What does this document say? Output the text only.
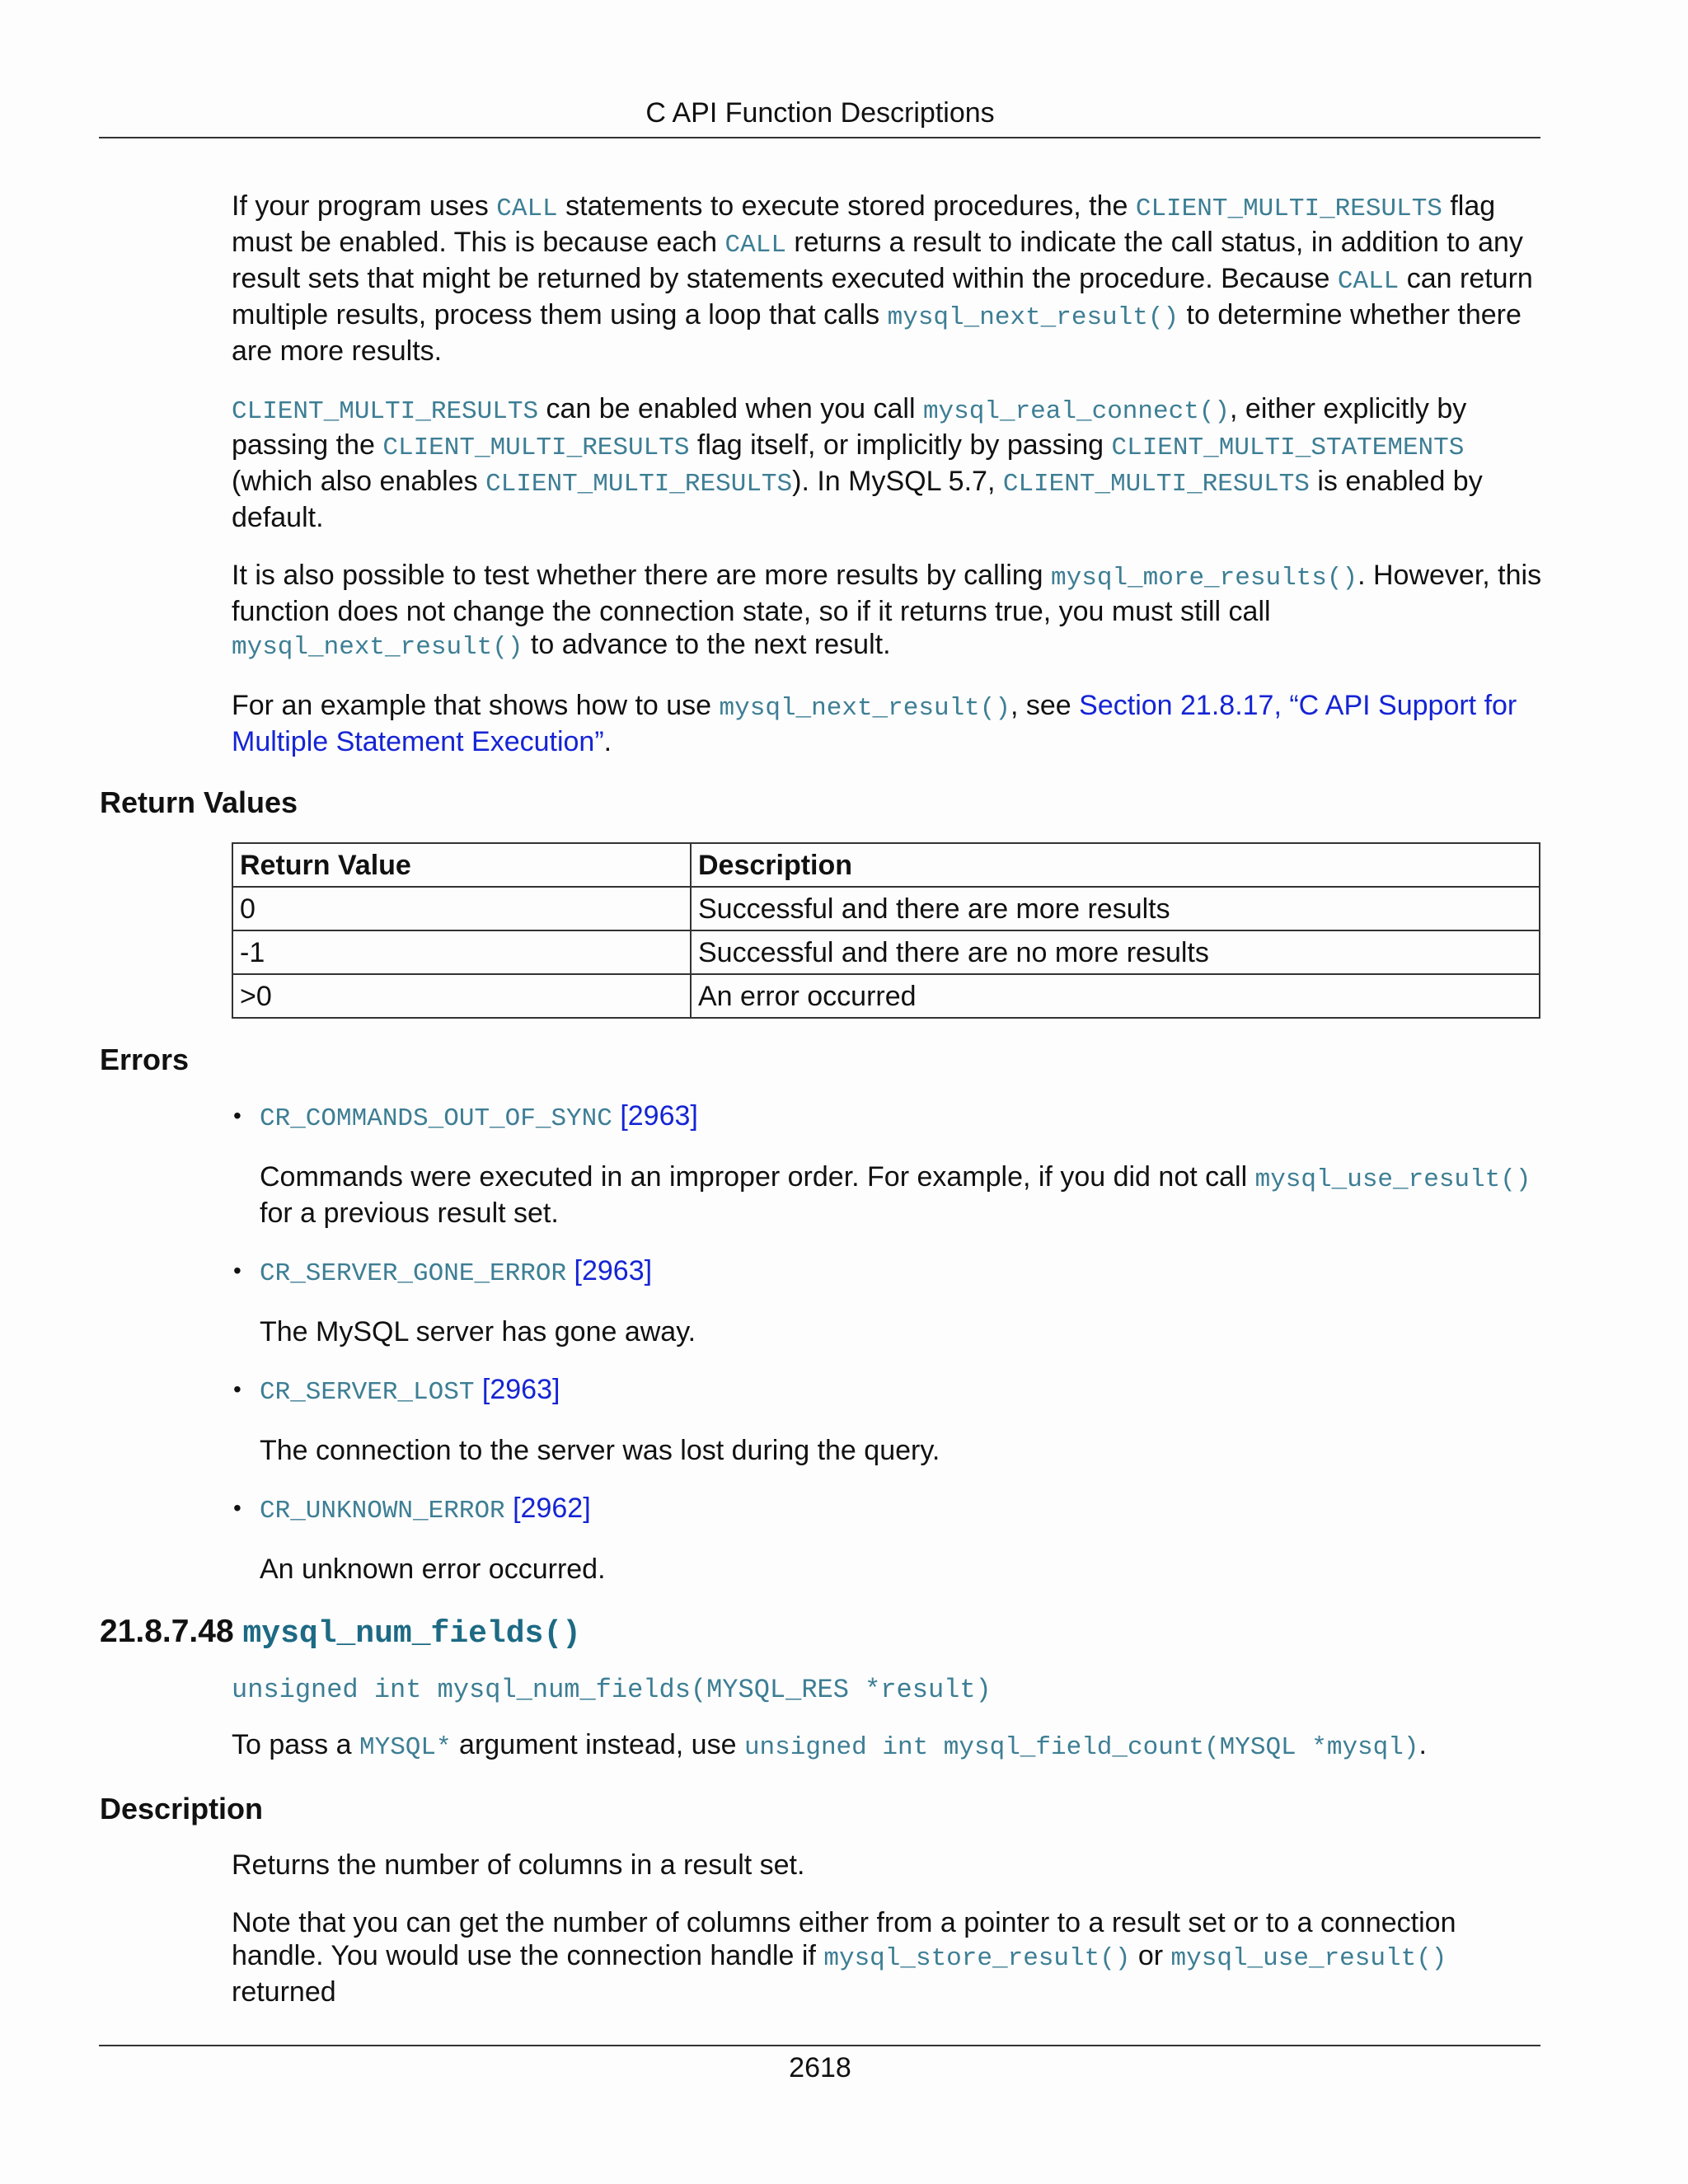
C API Function Descriptions

If your program uses CALL statements to execute stored procedures, the CLIENT_MULTI_RESULTS flag must be enabled. This is because each CALL returns a result to indicate the call status, in addition to any result sets that might be returned by statements executed within the procedure. Because CALL can return multiple results, process them using a loop that calls mysql_next_result() to determine whether there are more results.

CLIENT_MULTI_RESULTS can be enabled when you call mysql_real_connect(), either explicitly by passing the CLIENT_MULTI_RESULTS flag itself, or implicitly by passing CLIENT_MULTI_STATEMENTS (which also enables CLIENT_MULTI_RESULTS). In MySQL 5.7, CLIENT_MULTI_RESULTS is enabled by default.

It is also possible to test whether there are more results by calling mysql_more_results(). However, this function does not change the connection state, so if it returns true, you must still call mysql_next_result() to advance to the next result.

For an example that shows how to use mysql_next_result(), see Section 21.8.17, “C API Support for Multiple Statement Execution”.

Return Values
Return Value	Description
0	Successful and there are more results
-1	Successful and there are no more results
>0	An error occurred
Errors
• CR_COMMANDS_OUT_OF_SYNC [2963]
Commands were executed in an improper order. For example, if you did not call mysql_use_result() for a previous result set.
• CR_SERVER_GONE_ERROR [2963]
The MySQL server has gone away.
• CR_SERVER_LOST [2963]
The connection to the server was lost during the query.
• CR_UNKNOWN_ERROR [2962]
An unknown error occurred.
21.8.7.48 mysql_num_fields()
unsigned int mysql_num_fields(MYSQL_RES *result)

To pass a MYSQL* argument instead, use unsigned int mysql_field_count(MYSQL *mysql).

Description

Returns the number of columns in a result set.

Note that you can get the number of columns either from a pointer to a result set or to a connection handle. You would use the connection handle if mysql_store_result() or mysql_use_result() returned

2618
